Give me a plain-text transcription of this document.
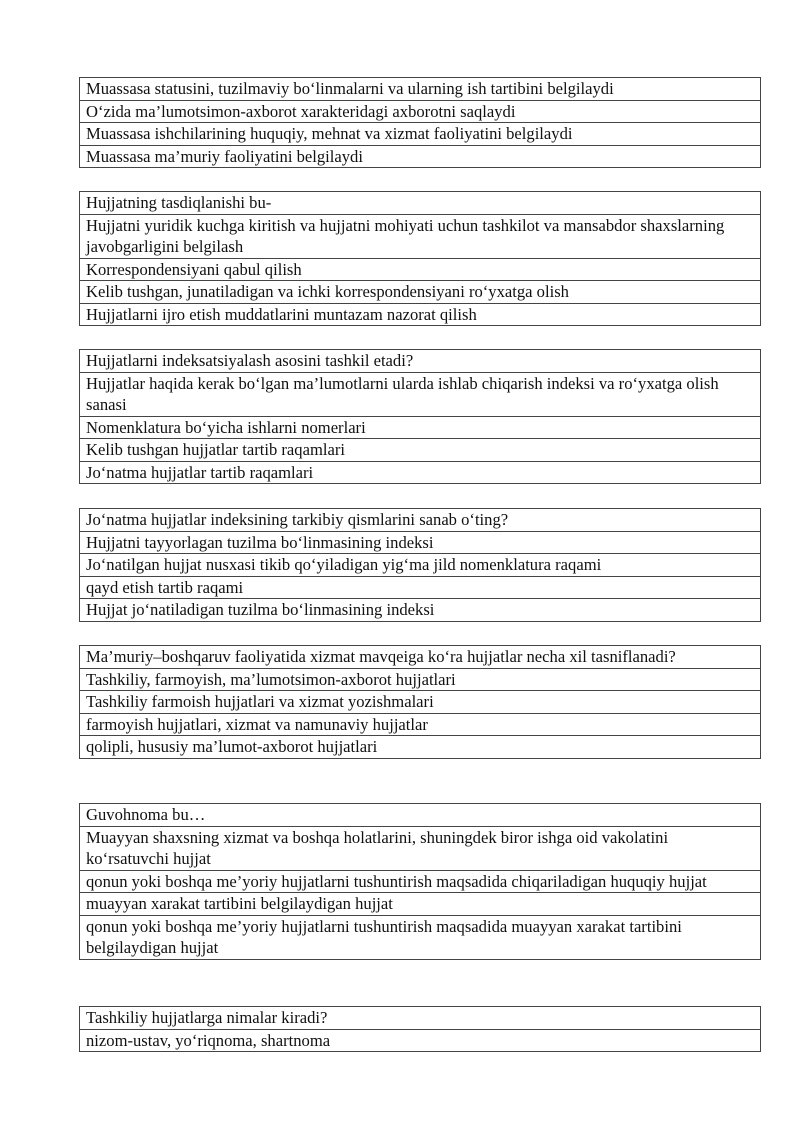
Muassasa statusini, tuzilmaviy bo‘linmalarni va ularning ish tartibini belgilaydi
O‘zida ma’lumotsimon-axborot xarakteridagi axborotni saqlaydi
Muassasa ishchilarining huquqiy, mehnat va xizmat faoliyatini belgilaydi
Muassasa ma’muriy faoliyatini belgilaydi
Hujjatning tasdiqlanishi bu-
Hujjatni yuridik kuchga kiritish va hujjatni mohiyati uchun tashkilot va mansabdor shaxslarning javobgarligini belgilash
Korrespondensiyani qabul qilish
Kelib tushgan, junatiladigan va ichki korrespondensiyani ro‘yxatga olish
Hujjatlarni ijro etish muddatlarini muntazam nazorat qilish
Hujjatlarni indeksatsiyalash asosini tashkil etadi?
Hujjatlar haqida kerak bo‘lgan ma’lumotlarni ularda ishlab chiqarish indeksi va ro‘yxatga olish sanasi
Nomenklatura bo‘yicha ishlarni nomerlari
Kelib tushgan hujjatlar tartib raqamlari
Jo‘natma hujjatlar tartib raqamlari
Jo‘natma hujjatlar indeksining tarkibiy qismlarini sanab o‘ting?
Hujjatni tayyorlagan tuzilma bo‘linmasining indeksi
Jo‘natilgan hujjat nusxasi tikib qo‘yiladigan yig‘ma jild nomenklatura raqami
qayd etish tartib raqami
Hujjat jo‘natiladigan tuzilma bo‘linmasining indeksi
Ma’muriy–boshqaruv faoliyatida xizmat mavqeiga ko‘ra hujjatlar necha xil tasniflanadi?
Tashkiliy, farmoyish, ma’lumotsimon-axborot hujjatlari
Tashkiliy farmoish hujjatlari va xizmat yozishmalari
farmoyish hujjatlari, xizmat va namunaviy hujjatlar
qolipli, hususiy ma’lumot-axborot hujjatlari
Guvohnoma bu…
Muayyan shaxsning xizmat va boshqa holatlarini, shuningdek biror ishga oid vakolatini ko‘rsatuvchi hujjat
qonun yoki boshqa me’yoriy hujjatlarni tushuntirish maqsadida chiqariladigan huquqiy hujjat
muayyan xarakat tartibini belgilaydigan hujjat
qonun yoki boshqa me’yoriy hujjatlarni tushuntirish maqsadida muayyan xarakat tartibini belgilaydigan hujjat
Tashkiliy hujjatlarga nimalar kiradi?
nizom-ustav, yo‘riqnoma, shartnoma
